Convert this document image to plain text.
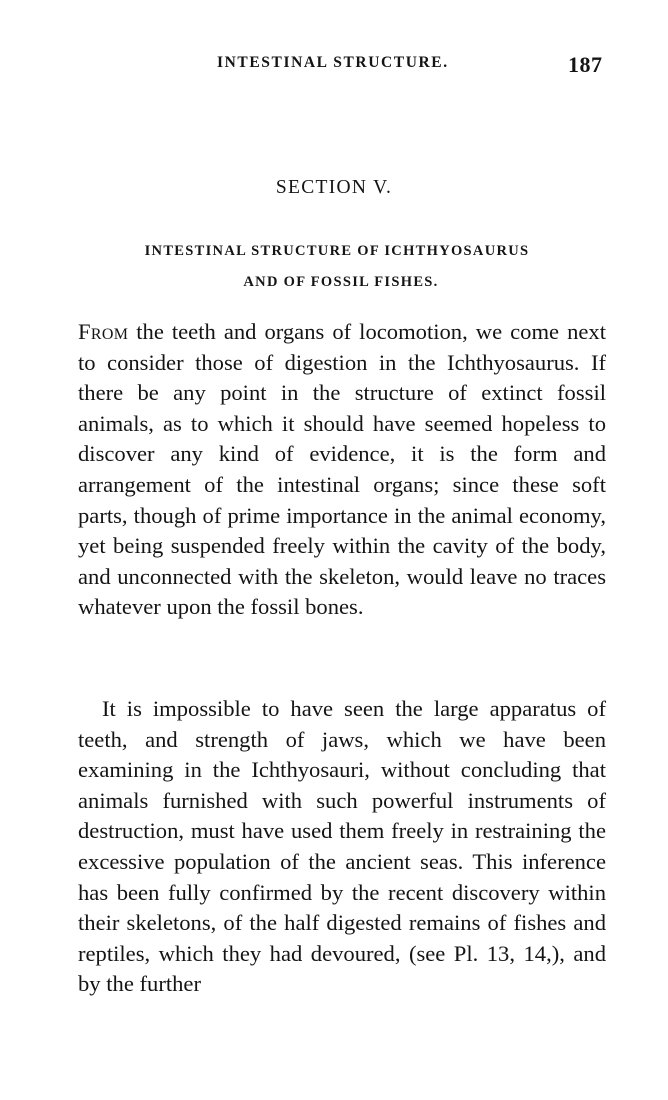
INTESTINAL STRUCTURE.	187
SECTION V.
INTESTINAL STRUCTURE OF ICHTHYOSAURUS
AND OF FOSSIL FISHES.

From the teeth and organs of locomotion, we come next to consider those of digestion in the Ichthyosaurus. If there be any point in the structure of extinct fossil animals, as to which it should have seemed hopeless to discover any kind of evidence, it is the form and arrangement of the intestinal organs; since these soft parts, though of prime importance in the animal economy, yet being suspended freely within the cavity of the body, and unconnected with the skeleton, would leave no traces whatever upon the fossil bones.

It is impossible to have seen the large apparatus of teeth, and strength of jaws, which we have been examining in the Ichthyosauri, without concluding that animals furnished with such powerful instruments of destruction, must have used them freely in restraining the excessive population of the ancient seas. This inference has been fully confirmed by the recent discovery within their skeletons, of the half digested remains of fishes and reptiles, which they had devoured, (see Pl. 13, 14,), and by the further
